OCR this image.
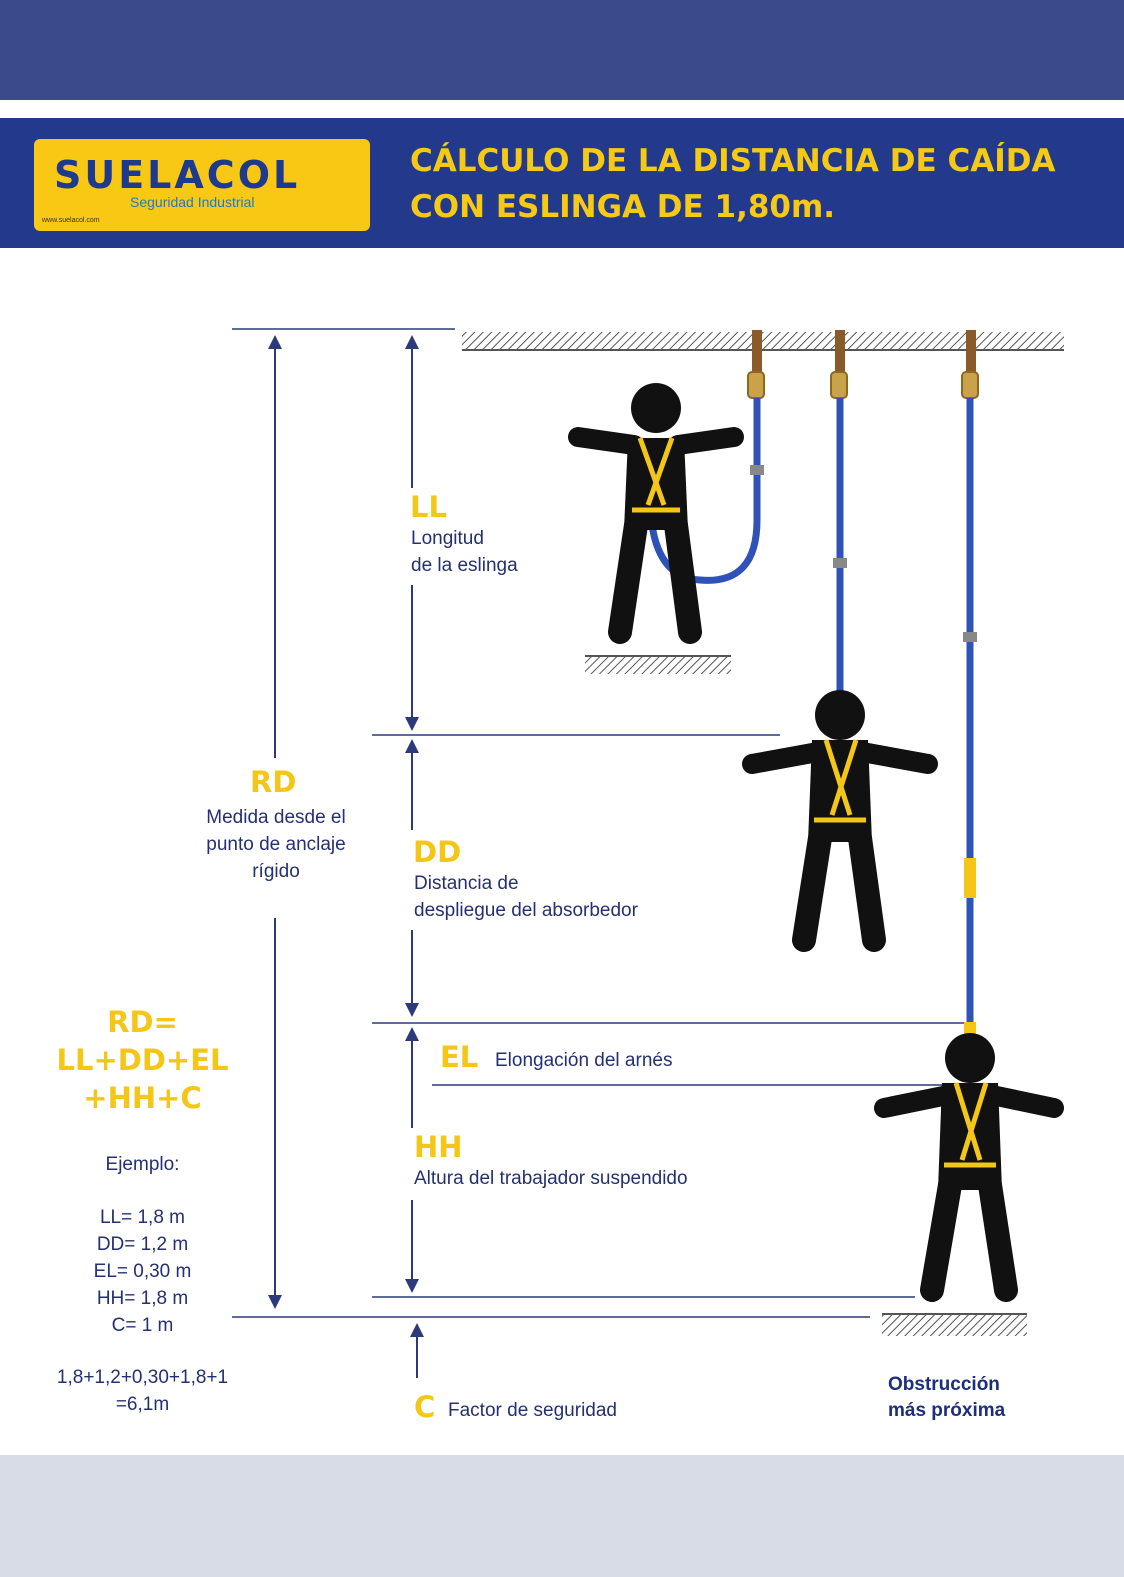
SUELACOL
Seguridad Industrial
www.suelacol.com
CÁLCULO DE LA DISTANCIA DE CAÍDA
CON ESLINGA DE 1,80m.
LL
Longitud
de la eslinga
DD
Distancia de
despliegue del absorbedor
EL Elongación del arnés
HH
Altura del trabajador suspendido
C Factor de seguridad
RD
Medida desde el
punto de anclaje
rígido
RD=
LL+DD+EL
+HH+C
Ejemplo:
LL= 1,8 m
DD= 1,2 m
EL= 0,30 m
HH= 1,8 m
C= 1 m
1,8+1,2+0,30+1,8+1
=6,1m
Obstrucción
más próxima
